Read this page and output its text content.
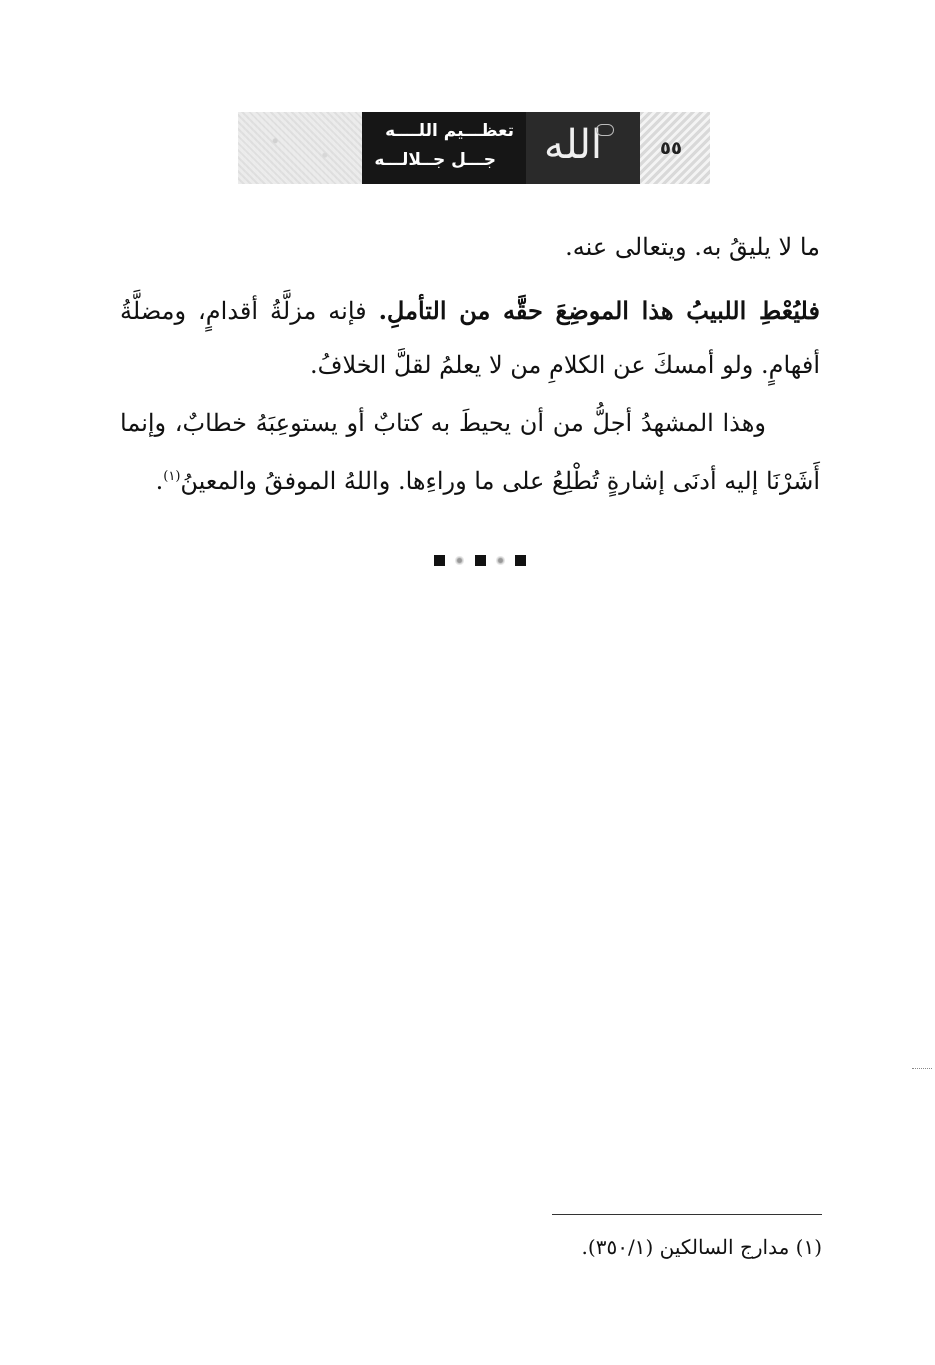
تعظـــيم اللــــه
جـــل جــلالـــه الله	٥٥

ما لا يليقُ به. ويتعالى عنه.

فليُعْطِ اللبيبُ هذا الموضِعَ حقَّه من التأملِ. فإنه مزلَّةُ أقدامٍ، ومضلَّةُ أفهامٍ. ولو أمسكَ عن الكلامِ من لا يعلمُ لقلَّ الخلافُ.

وهذا المشهدُ أجلُّ من أن يحيطَ به كتابٌ أو يستوعِبَهُ خطابٌ، وإنما أَشَرْنَا إليه أدنَى إشارةٍ تُطْلِعُ على ما وراءِها. واللهُ الموفقُ والمعينُ$^{(١)}$.

(١) مدارج السالكين (٣٥٠/١).
